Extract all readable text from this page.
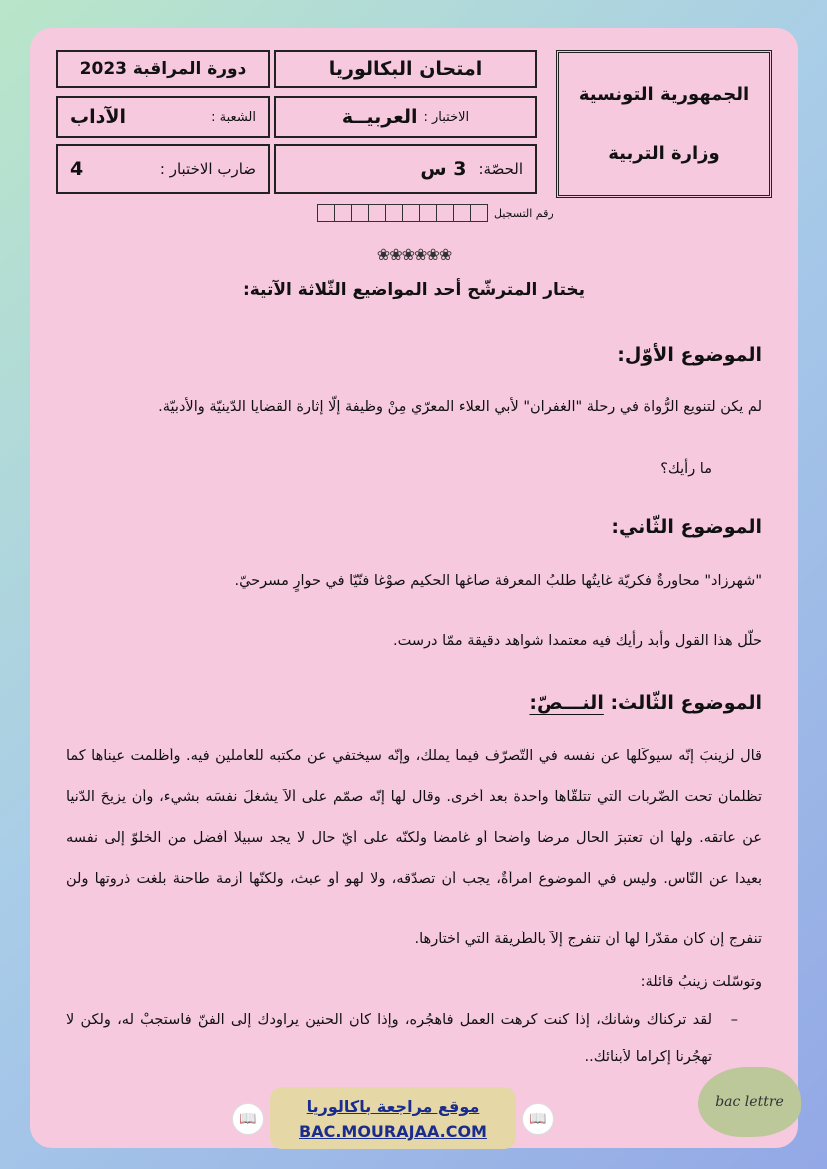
الجمهورية التونسية
وزارة التربية
امتحان البكالوريا
دورة المراقبة 2023
الاختبار :
العربيــة
الشعبة :
الآداب
الحصّة:
3 س
ضارب الاختبار :
4
رقم التسجيل
❀❀❀❀❀❀
يختار المترشّح أحد المواضيع الثّلاثة الآتية:
الموضوع الأوّل:
لم يكن لتنويع الرُّواة في رحلة "الغفران" لأبي العلاء المعرّي مِنْ وظيفة إلّا إثارة القضايا الدّينيّة والأدبيّة.
ما رأيك؟
الموضوع الثّاني:
"شهرزاد" محاورةٌ فكريّة غايتُها طلبُ المعرفة صاغها الحكيم صوْغا فنّيّا في حوارٍ مسرحيّ.
حلّل هذا القول وأبد رأيك فيه معتمدا شواهد دقيقة ممّا درست.
الموضوع الثّالث: النـــصّ:
قال لزينبَ إنّه سيوكّلها عن نفسه في التّصرّف فيما يملك، وإنّه سيختفي عن مكتبه للعاملين فيه. وأظلمت عيناها كما
تظلمان تحت الضّربات التي تتلقّاها واحدة بعد أخرى. وقال لها إنّه صمّم على ألاّ يشغلَ نفسَه بشيء، وأن يزيحَ الدّنيا
عن عاتقه. ولها أن تعتبرَ الحال مرضا واضحا أو غامضا ولكنّه على أيّ حال لا يجد سبيلا أفضل من الخلوّ إلى نفسه
بعيدا عن النّاس. وليس في الموضوع امرأةٌ، يجب أن تصدّقه، ولا لهو أو عبث، ولكنّها أزمة طاحنة بلغت ذروتها ولن
تنفرج إن كان مقدّرا لها أن تنفرج إلاّ بالطّريقة التي اختارها.
وتوسّلت زينبُ قائلة:
–
لقد تركناك وشأنك، إذا كنت كرهت العمل فاهجُره، وإذا كان الحنين يراودك إلى الفنّ فاستجبْ له، ولكن لا
تهجُرنا إكراما لأبنائك..
📖	📖
موقع مراجعة باكالوريا
BAC.MOURAJAA.COM
bac lettre
